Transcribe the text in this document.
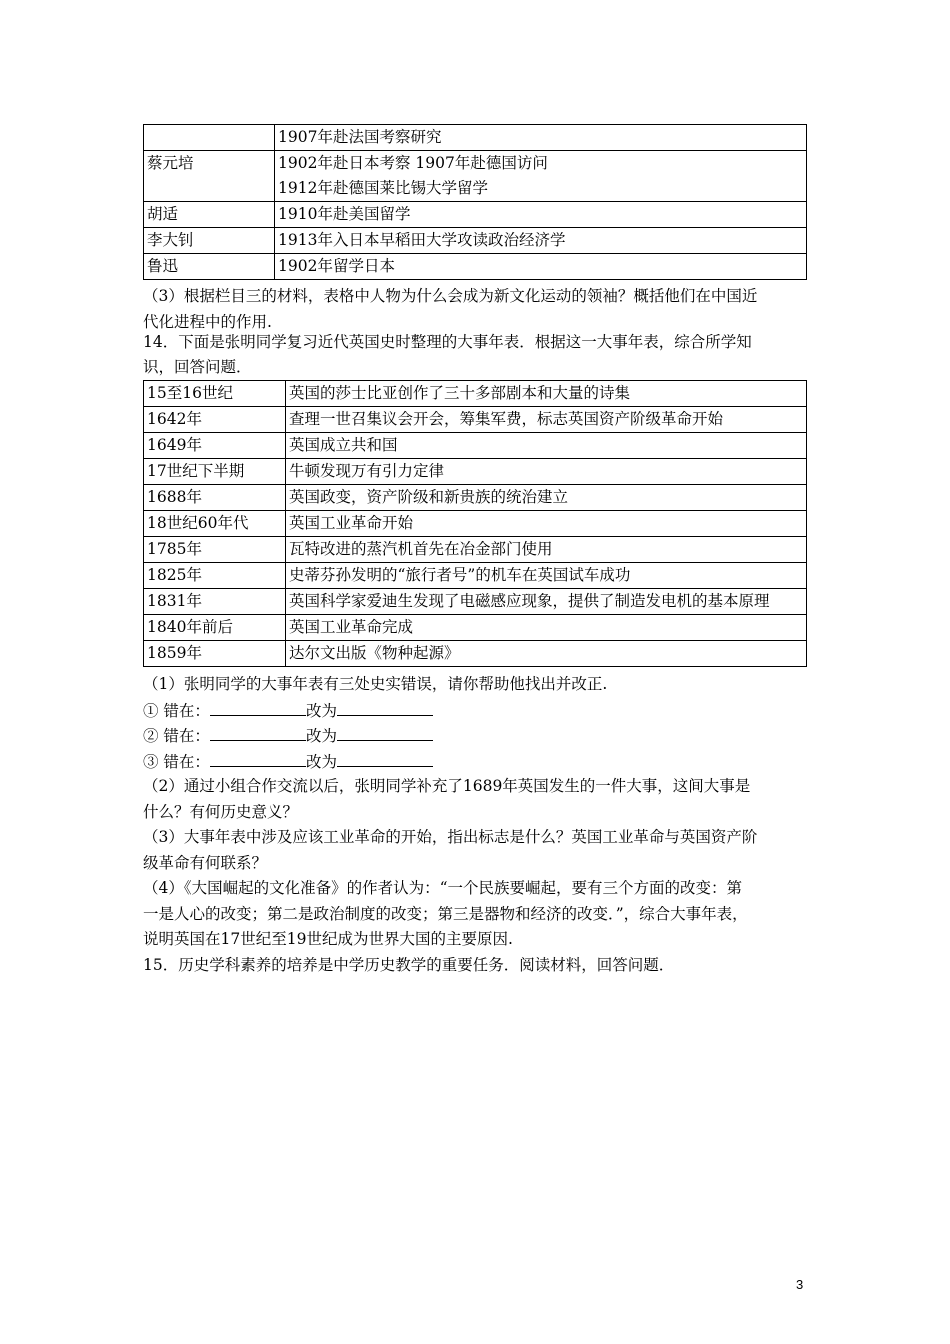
	1907年赴法国考察研究

蔡元培	1902年赴日本考察 1907年赴德国访问
1912年赴德国莱比锡大学留学

胡适	1910年赴美国留学

李大钊	1913年入日本早稻田大学攻读政治经济学

鲁迅	1902年留学日本
（3）根据栏目三的材料，表格中人物为什么会成为新文化运动的领袖？概括他们在中国近
代化进程中的作用.
14．下面是张明同学复习近代英国史时整理的大事年表．根据这一大事年表，综合所学知
识，回答问题．
15至16世纪	英国的莎士比亚创作了三十多部剧本和大量的诗集
1642年	查理一世召集议会开会，筹集军费，标志英国资产阶级革命开始
1649年	英国成立共和国
17世纪下半期	牛顿发现万有引力定律
1688年	英国政变，资产阶级和新贵族的统治建立
18世纪60年代	英国工业革命开始
1785年	瓦特改进的蒸汽机首先在冶金部门使用
1825年	史蒂芬孙发明的“旅行者号”的机车在英国试车成功
1831年	英国科学家爱迪生发现了电磁感应现象，提供了制造发电机的基本原理
1840年前后	英国工业革命完成
1859年	达尔文出版《物种起源》
（1）张明同学的大事年表有三处史实错误，请你帮助他找出并改正.
① 错在：	改为
② 错在：	改为
③ 错在：	改为
（2）通过小组合作交流以后，张明同学补充了1689年英国发生的一件大事，这间大事是
什么？有何历史意义？
（3）大事年表中涉及应该工业革命的开始，指出标志是什么？英国工业革命与英国资产阶
级革命有何联系？
（4）《大国崛起的文化准备》的作者认为：“一个民族要崛起，要有三个方面的改变：第
一是人心的改变；第二是政治制度的改变；第三是器物和经济的改变．”，综合大事年表，
说明英国在17世纪至19世纪成为世界大国的主要原因.
15．历史学科素养的培养是中学历史教学的重要任务．阅读材料，回答问题．
3
